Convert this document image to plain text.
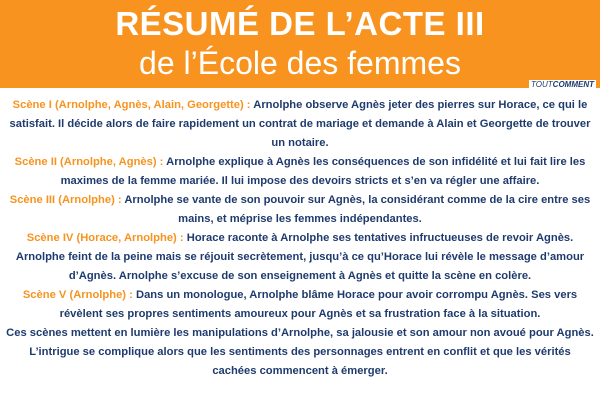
RÉSUMÉ DE L’ACTE III
de l’École des femmes
TOUTCOMMENT

Scène I (Arnolphe, Agnès, Alain, Georgette) : Arnolphe observe Agnès jeter des pierres sur Horace, ce qui le satisfait. Il décide alors de faire rapidement un contrat de mariage et demande à Alain et Georgette de trouver un notaire.

Scène II (Arnolphe, Agnès) : Arnolphe explique à Agnès les conséquences de son infidélité et lui fait lire les maximes de la femme mariée. Il lui impose des devoirs stricts et s’en va régler une affaire.

Scène III (Arnolphe) : Arnolphe se vante de son pouvoir sur Agnès, la considérant comme de la cire entre ses mains, et méprise les femmes indépendantes.

Scène IV (Horace, Arnolphe) : Horace raconte à Arnolphe ses tentatives infructueuses de revoir Agnès. Arnolphe feint de la peine mais se réjouit secrètement, jusqu’à ce qu’Horace lui révèle le message d’amour d’Agnès. Arnolphe s’excuse de son enseignement à Agnès et quitte la scène en colère.

Scène V (Arnolphe) : Dans un monologue, Arnolphe blâme Horace pour avoir corrompu Agnès. Ses vers révèlent ses propres sentiments amoureux pour Agnès et sa frustration face à la situation.

Ces scènes mettent en lumière les manipulations d’Arnolphe, sa jalousie et son amour non avoué pour Agnès. L’intrigue se complique alors que les sentiments des personnages entrent en conflit et que les vérités cachées commencent à émerger.
